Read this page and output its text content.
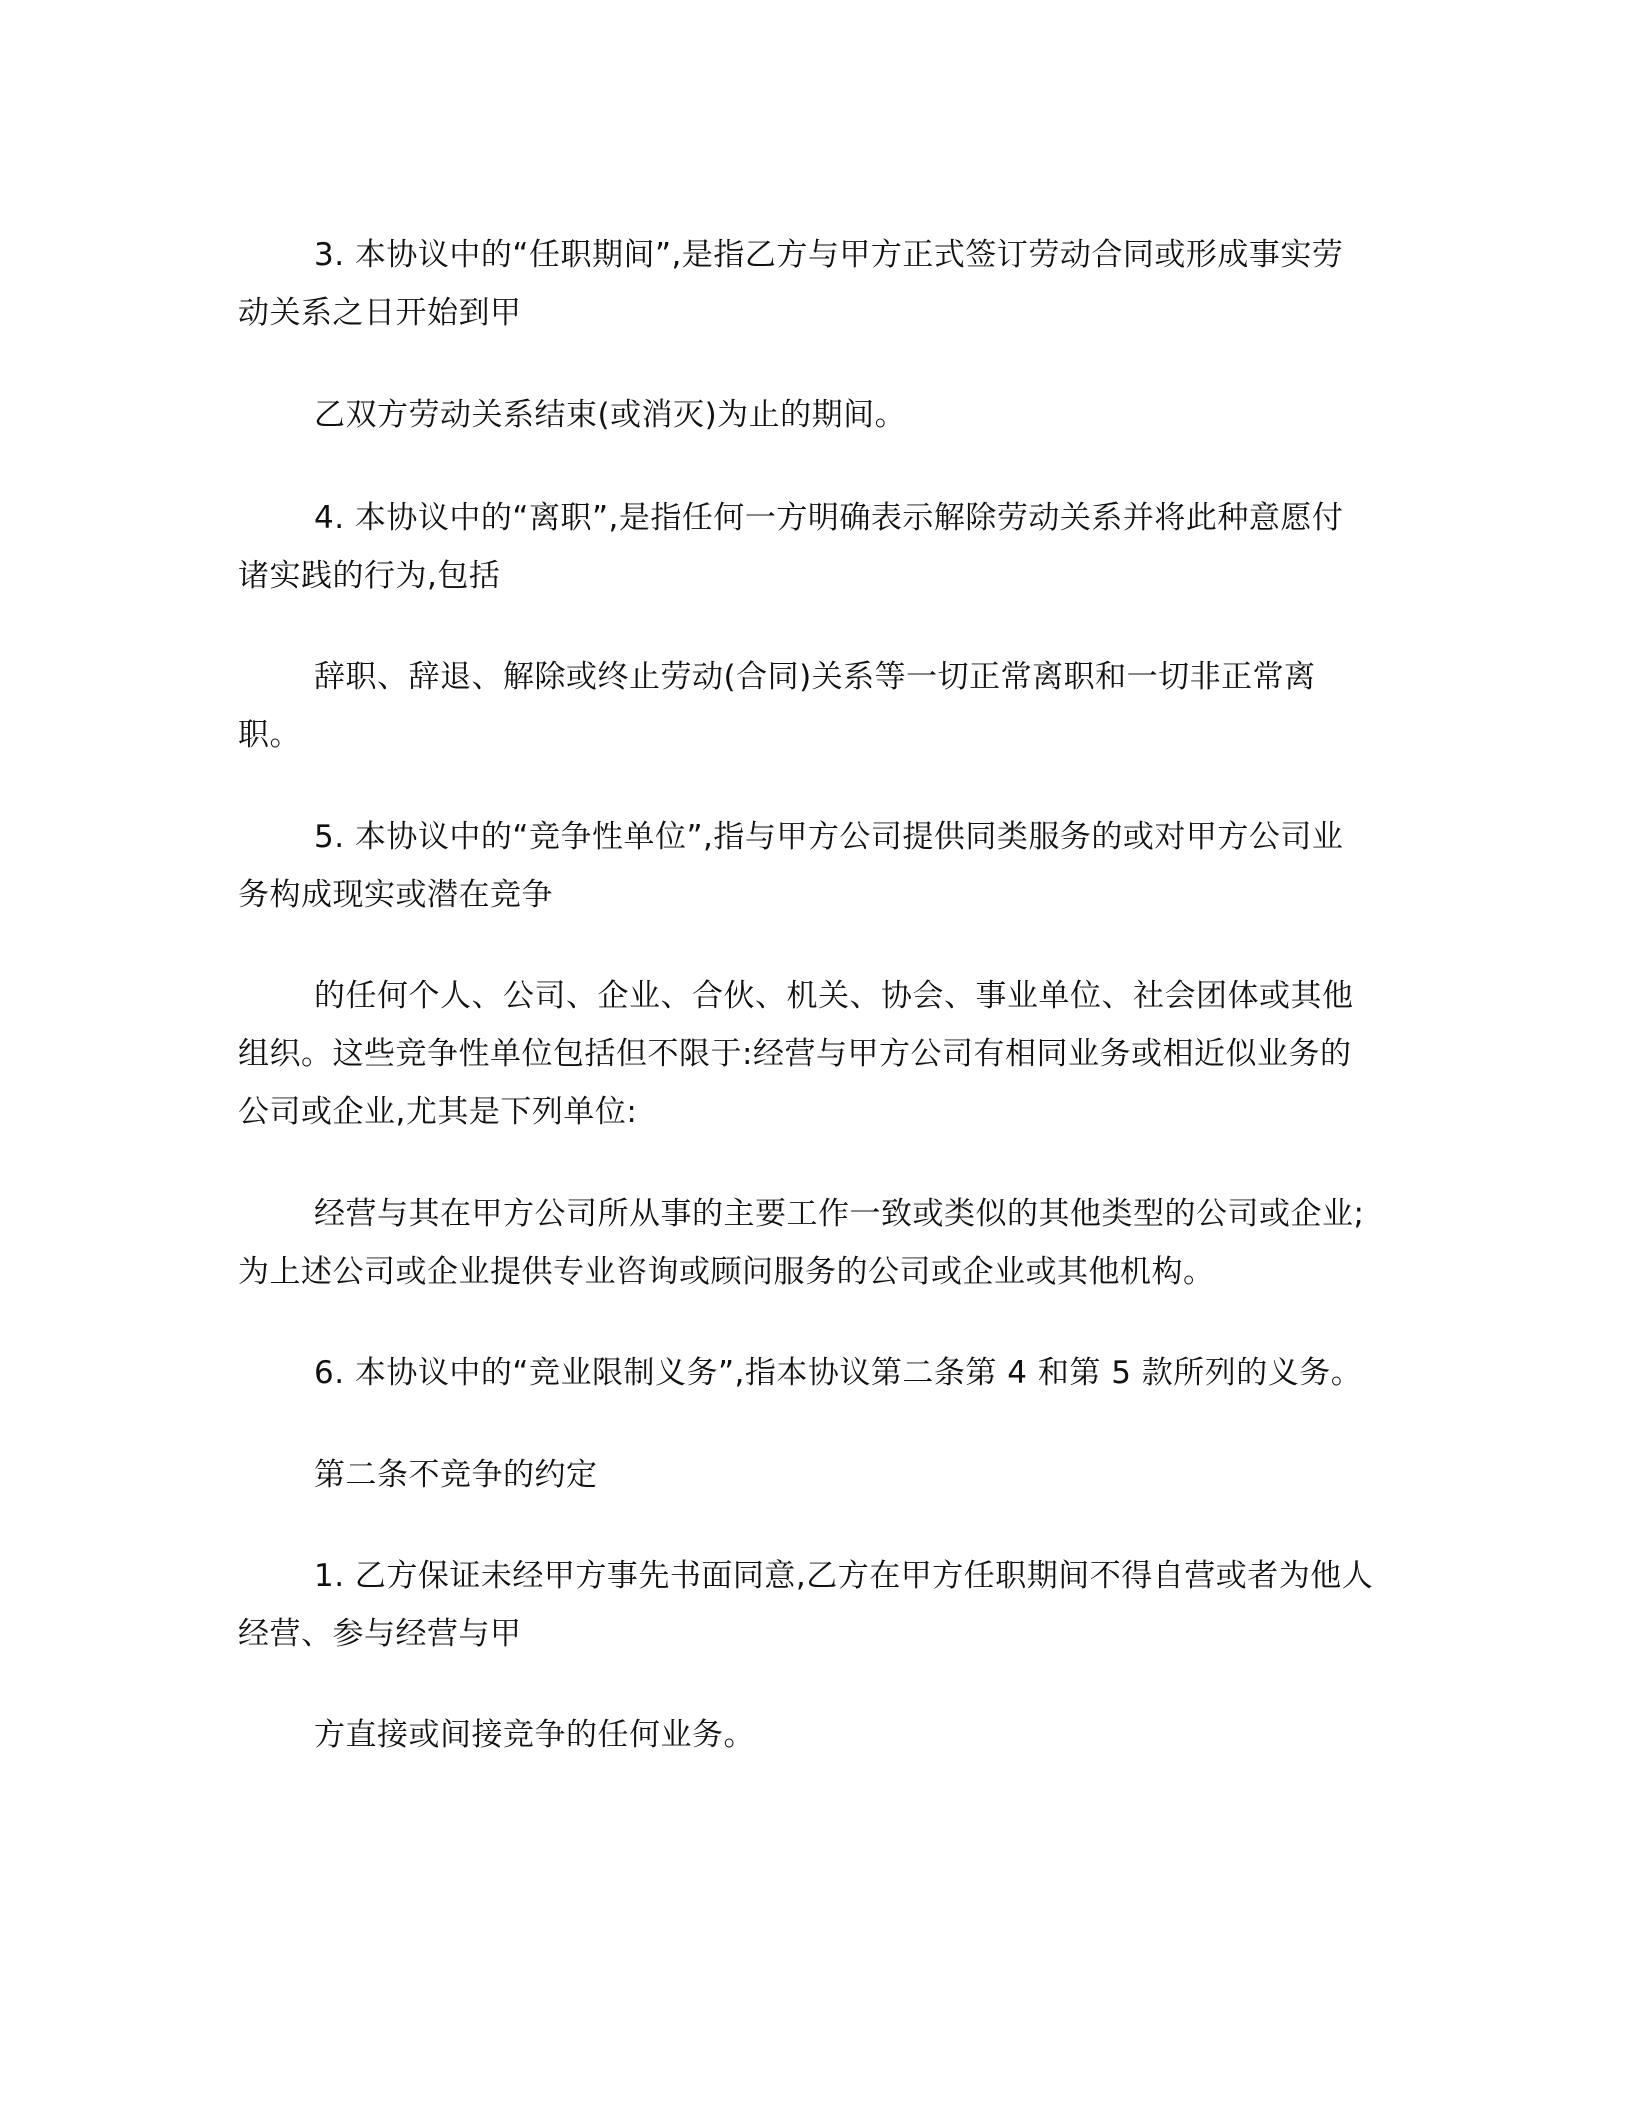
3. 本协议中的“任职期间”,是指乙方与甲方正式签订劳动合同或形成事实劳
动关系之日开始到甲
乙双方劳动关系结束(或消灭)为止的期间。
4. 本协议中的“离职”,是指任何一方明确表示解除劳动关系并将此种意愿付
诸实践的行为,包括
辞职、辞退、解除或终止劳动(合同)关系等一切正常离职和一切非正常离
职。
5. 本协议中的“竞争性单位”,指与甲方公司提供同类服务的或对甲方公司业
务构成现实或潜在竞争
的任何个人、公司、企业、合伙、机关、协会、事业单位、社会团体或其他
组织。这些竞争性单位包括但不限于:经营与甲方公司有相同业务或相近似业务的
公司或企业,尤其是下列单位:
经营与其在甲方公司所从事的主要工作一致或类似的其他类型的公司或企业;
为上述公司或企业提供专业咨询或顾问服务的公司或企业或其他机构。
6. 本协议中的“竞业限制义务”,指本协议第二条第 4 和第 5 款所列的义务。
第二条不竞争的约定
1. 乙方保证未经甲方事先书面同意,乙方在甲方任职期间不得自营或者为他人
经营、参与经营与甲
方直接或间接竞争的任何业务。
